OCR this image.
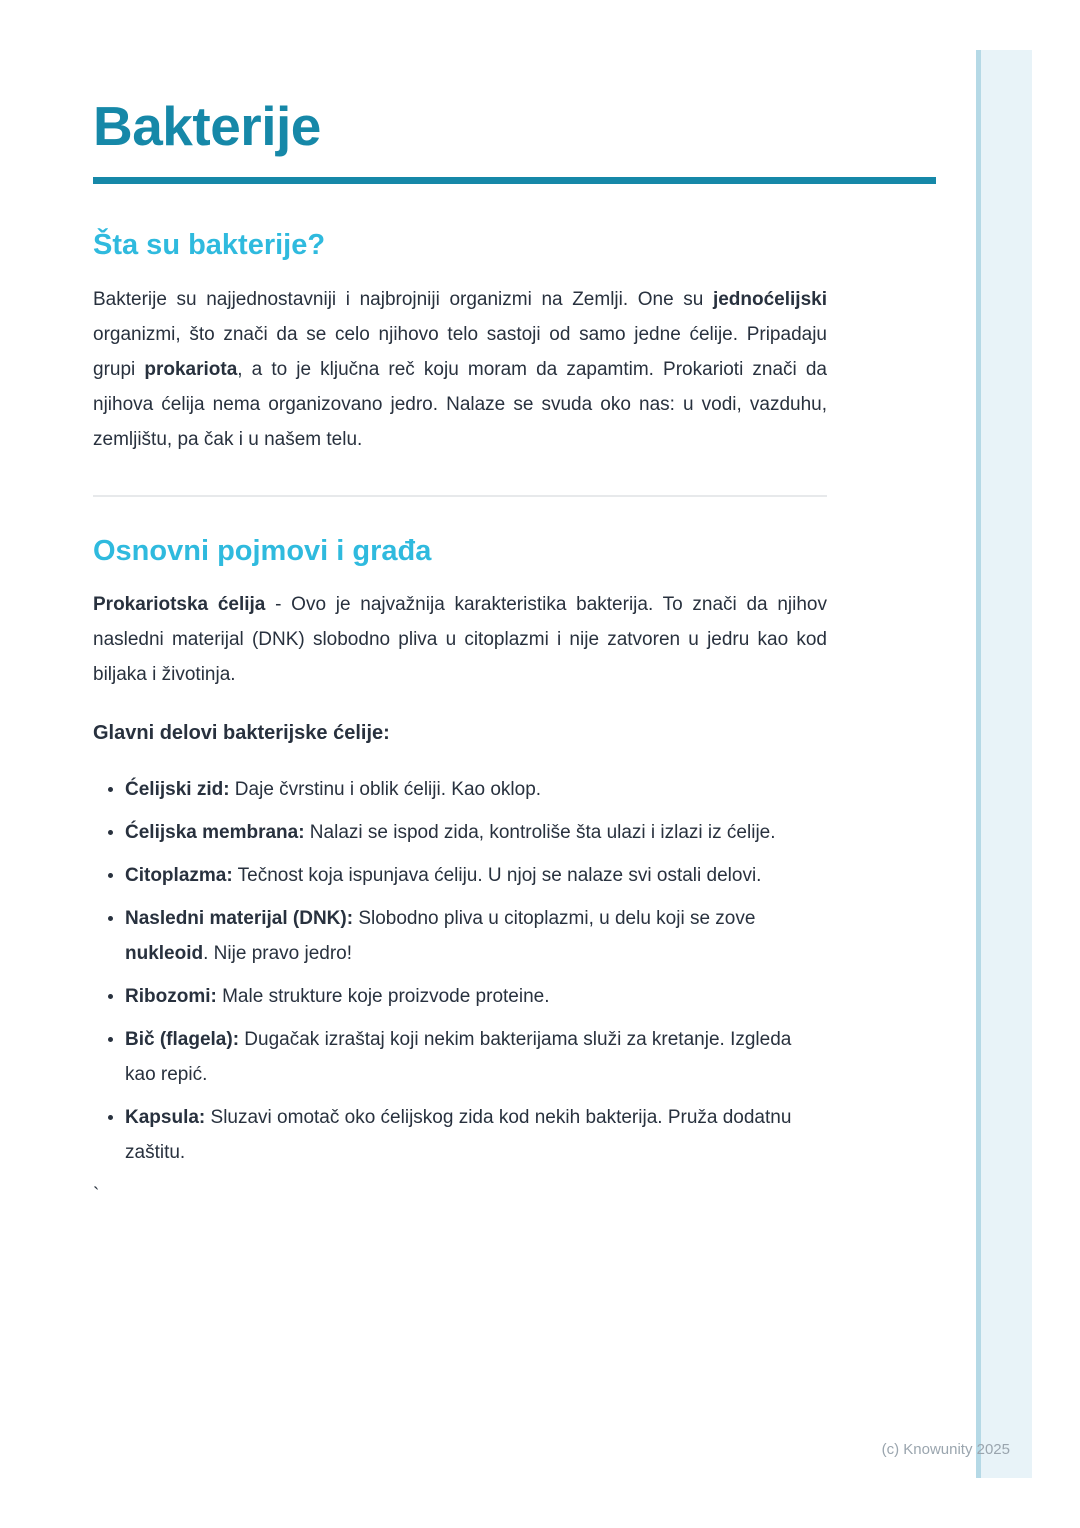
Bakterije
Šta su bakterije?

Bakterije su najjednostavniji i najbrojniji organizmi na Zemlji. One su jednoćelijski organizmi, što znači da se celo njihovo telo sastoji od samo jedne ćelije. Pripadaju grupi prokariota, a to je ključna reč koju moram da zapamtim. Prokarioti znači da njihova ćelija nema organizovano jedro. Nalaze se svuda oko nas: u vodi, vazduhu, zemljištu, pa čak i u našem telu.

Osnovni pojmovi i građa

Prokariotska ćelija - Ovo je najvažnija karakteristika bakterija. To znači da njihov nasledni materijal (DNK) slobodno pliva u citoplazmi i nije zatvoren u jedru kao kod biljaka i životinja.

Glavni delovi bakterijske ćelije:

• Ćelijski zid: Daje čvrstinu i oblik ćeliji. Kao oklop.
• Ćelijska membrana: Nalazi se ispod zida, kontroliše šta ulazi i izlazi iz ćelije.
• Citoplazma: Tečnost koja ispunjava ćeliju. U njoj se nalaze svi ostali delovi.
• Nasledni materijal (DNK): Slobodno pliva u citoplazmi, u delu koji se zove nukleoid. Nije pravo jedro!
• Ribozomi: Male strukture koje proizvode proteine.
• Bič (flagela): Dugačak izraštaj koji nekim bakterijama služi za kretanje. Izgleda kao repić.
• Kapsula: Sluzavi omotač oko ćelijskog zida kod nekih bakterija. Pruža dodatnu zaštitu.
`
(c) Knowunity 2025
